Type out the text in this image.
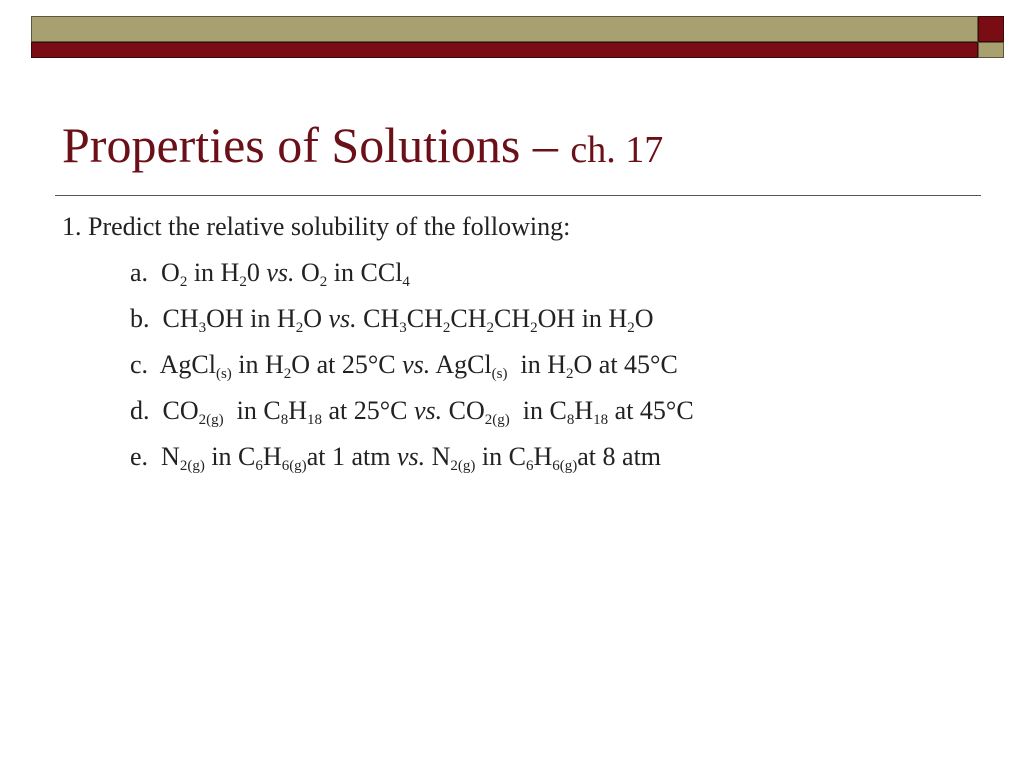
Properties of Solutions – ch. 17
1. Predict the relative solubility of the following:
a.  $O_2$ in $H_20$ vs. $O_2$ in CCl$_4$
b.  $CH_3OH$ in $H_2O$ vs. $CH_3CH_2CH_2CH_2OH$ in $H_2O$
c.  AgCl$_{(s)}$ in $H_2O$ at 25°C vs. AgCl$_{(s)}$  in $H_2O$ at 45°C
d.  $CO_{2(g)}$  in $C_8H_{18}$ at 25°C vs. $CO_{2(g)}$  in $C_8H_{18}$ at 45°C
e.  $N_{2(g)}$ in $C_6H_{6(g)}at$ 1 atm vs. $N_{2(g)}$ in $C_6H_{6(g)}at$ 8 atm
